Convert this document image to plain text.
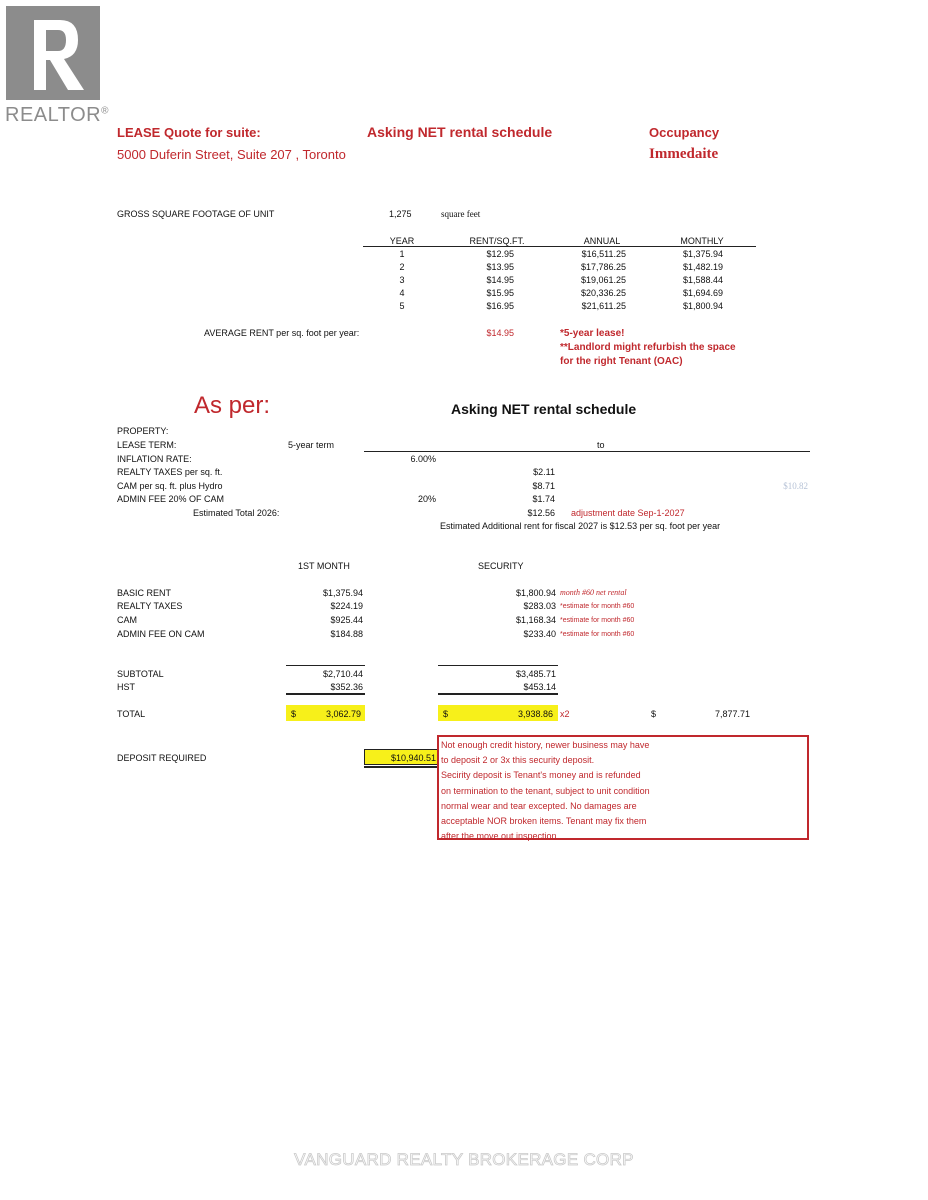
REALTOR®
LEASE Quote for suite:
5000 Duferin Street, Suite 207 , Toronto
Asking NET rental schedule	Occupancy
Immedaite
GROSS SQUARE FOOTAGE OF UNIT	1,275	square feet
YEAR	RENT/SQ.FT.	ANNUAL	MONTHLY
1	$12.95	$16,511.25	$1,375.94
2	$13.95	$17,786.25	$1,482.19
3	$14.95	$19,061.25	$1,588.44
4	$15.95	$20,336.25	$1,694.69
5	$16.95	$21,611.25	$1,800.94
AVERAGE RENT per sq. foot per year:	$14.95	*5-year lease!
**Landlord might refurbish the space
for the right Tenant (OAC)
As per:	Asking NET rental schedule
PROPERTY:
LEASE TERM:	5-year term	to
INFLATION RATE:	6.00%
REALTY TAXES per sq. ft.	$2.11
CAM per sq. ft. plus Hydro	$8.71	$10.82
ADMIN FEE 20% OF CAM	20%	$1.74
Estimated Total 2026:	$12.56 adjustment date Sep-1-2027
Estimated Additional rent for fiscal 2027 is $12.53 per sq. foot per year
1ST MONTH	SECURITY
BASIC RENT	$1,375.94	$1,800.94 month #60 net rental
REALTY TAXES	$224.19	$283.03 *estimate for month #60
CAM	$925.44	$1,168.34 *estimate for month #60
ADMIN FEE ON CAM	$184.88	$233.40 *estimate for month #60
SUBTOTAL	$2,710.44	$3,485.71
HST	$352.36	$453.14
TOTAL	$	3,062.79	$	3,938.86 x2	$	7,877.71
DEPOSIT REQUIRED	$10,940.51
Not enough credit history, newer business may have
to deposit 2 or 3x this security deposit.
Secirity deposit is Tenant's money and is refunded
on termination to the tenant, subject to unit condition
normal wear and tear excepted. No damages are
acceptable NOR broken items. Tenant may fix them
after the move out inspection.
VANGUARD REALTY BROKERAGE CORP
